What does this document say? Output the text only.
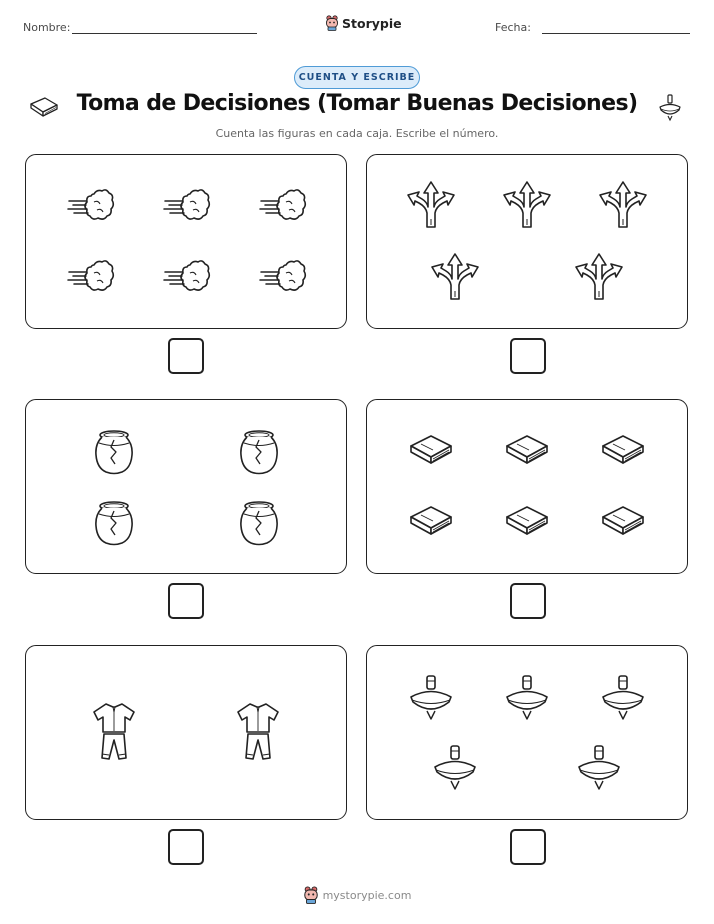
Nombre:	Storypie	Fecha:
CUENTA Y ESCRIBE
Toma de Decisiones (Tomar Buenas Decisiones)
Cuenta las figuras en cada caja. Escribe el número.
mystorypie.com
